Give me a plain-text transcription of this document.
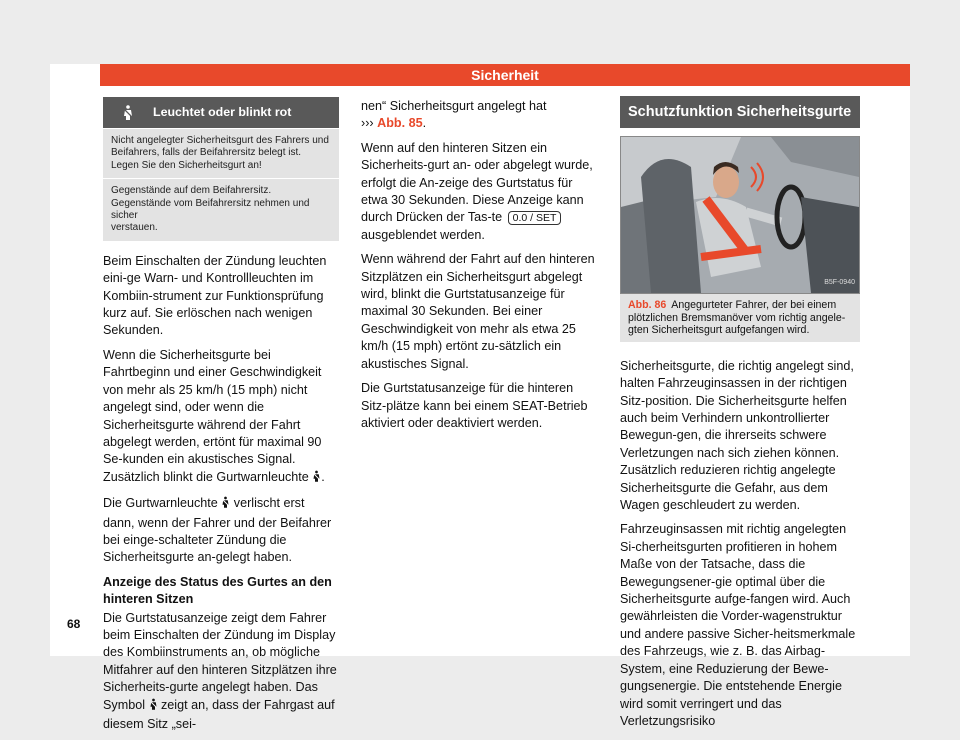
Sicherheit
Leuchtet oder blinkt rot
Nicht angelegter Sicherheitsgurt des Fahrers und
Beifahrers, falls der Beifahrersitz belegt ist.
Legen Sie den Sicherheitsgurt an!
Gegenstände auf dem Beifahrersitz.
Gegenstände vom Beifahrersitz nehmen und sicher
verstauen.

Beim Einschalten der Zündung leuchten eini-ge Warn- und Kontrollleuchten im Kombiin-strument zur Funktionsprüfung kurz auf. Sie erlöschen nach wenigen Sekunden.

Wenn die Sicherheitsgurte bei Fahrtbeginn und einer Geschwindigkeit von mehr als 25 km/h (15 mph) nicht angelegt sind, oder wenn die Sicherheitsgurte während der Fahrt abgelegt werden, ertönt für maximal 90 Se-kunden ein akustisches Signal. Zusätzlich blinkt die Gurtwarnleuchte .

Die Gurtwarnleuchte verlischt erst dann, wenn der Fahrer und der Beifahrer bei einge-schalteter Zündung die Sicherheitsgurte an-gelegt haben.

Anzeige des Status des Gurtes an den hinteren Sitzen

Die Gurtstatusanzeige zeigt dem Fahrer beim Einschalten der Zündung im Display des Kombiinstruments an, ob mögliche Mitfahrer auf den hinteren Sitzplätzen ihre Sicherheits-gurte angelegt haben. Das Symbol zeigt an, dass der Fahrgast auf diesem Sitz „sei-

nen“ Sicherheitsgurt angelegt hat
››› Abb. 85.

Wenn auf den hinteren Sitzen ein Sicherheits-gurt an- oder abgelegt wurde, erfolgt die An-zeige des Gurtstatus für etwa 30 Sekunden. Diese Anzeige kann durch Drücken der Tas-te 0.0 / SET ausgeblendet werden.

Wenn während der Fahrt auf den hinteren Sitzplätzen ein Sicherheitsgurt abgelegt wird, blinkt die Gurtstatusanzeige für maximal 30 Sekunden. Bei einer Geschwindigkeit von mehr als etwa 25 km/h (15 mph) ertönt zu-sätzlich ein akustisches Signal.

Die Gurtstatusanzeige für die hinteren Sitz-plätze kann bei einem SEAT-Betrieb aktiviert oder deaktiviert werden.

Schutzfunktion Sicherheitsgurte
B5F-0940
Abb. 86 Angegurteter Fahrer, der bei einem plötzlichen Bremsmanöver vom richtig angele-gten Sicherheitsgurt aufgefangen wird.

Sicherheitsgurte, die richtig angelegt sind, halten Fahrzeuginsassen in der richtigen Sitz-position. Die Sicherheitsgurte helfen auch beim Verhindern unkontrollierter Bewegun-gen, die ihrerseits schwere Verletzungen nach sich ziehen können. Zusätzlich reduzieren richtig angelegte Sicherheitsgurte die Gefahr, aus dem Wagen geschleudert zu werden.

Fahrzeuginsassen mit richtig angelegten Si-cherheitsgurten profitieren in hohem Maße von der Tatsache, dass die Bewegungsener-gie optimal über die Sicherheitsgurte aufge-fangen wird. Auch gewährleisten die Vorder-wagenstruktur und andere passive Sicher-heitsmerkmale des Fahrzeugs, wie z. B. das Airbag-System, eine Reduzierung der Bewe-gungsenergie. Die entstehende Energie wird somit verringert und das Verletzungsrisiko

68
